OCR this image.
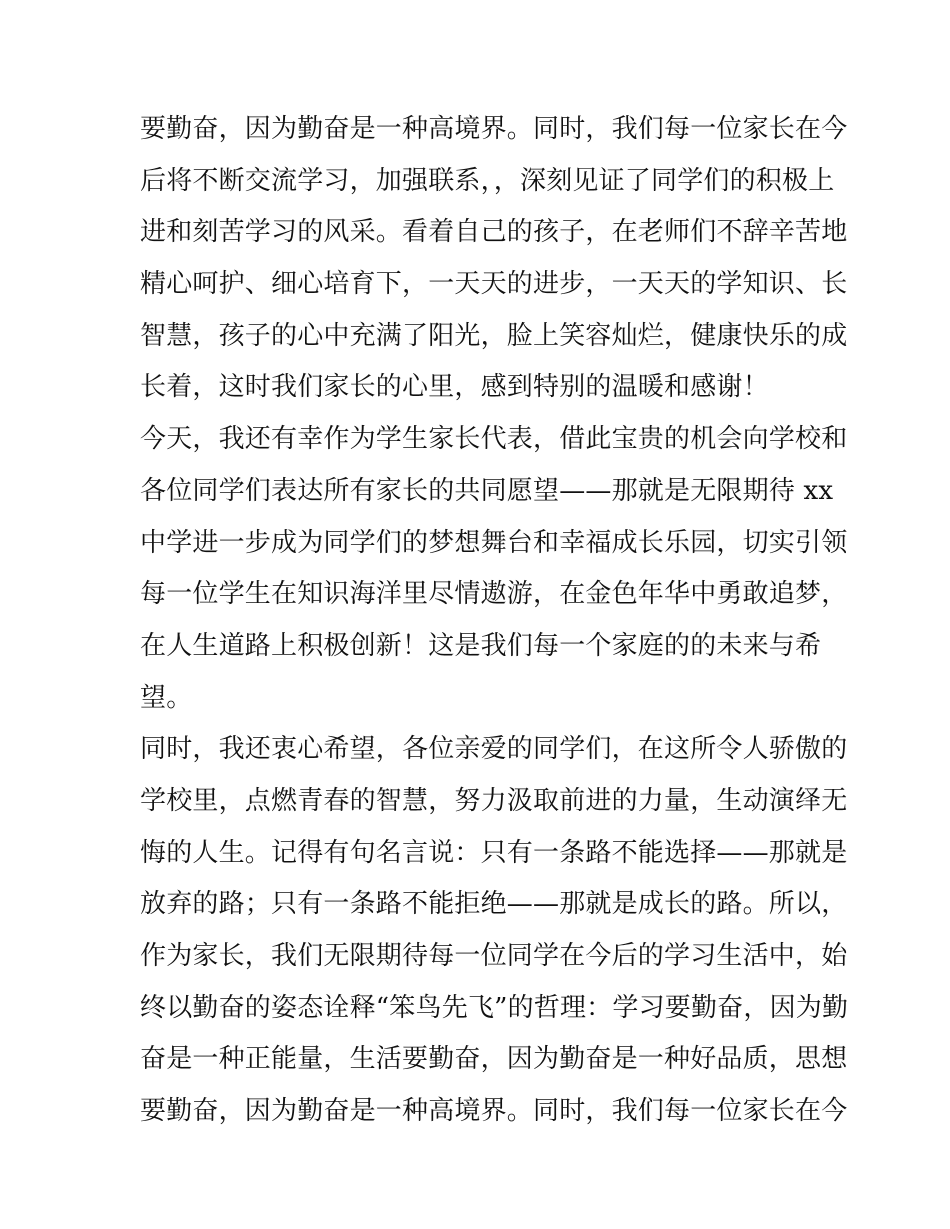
要勤奋，因为勤奋是一种高境界。同时，我们每一位家长在今
后将不断交流学习，加强联系，，深刻见证了同学们的积极上
进和刻苦学习的风采。看着自己的孩子，在老师们不辞辛苦地
精心呵护、细心培育下，一天天的进步，一天天的学知识、长
智慧，孩子的心中充满了阳光，脸上笑容灿烂，健康快乐的成
长着，这时我们家长的心里，感到特别的温暖和感谢！
今天，我还有幸作为学生家长代表，借此宝贵的机会向学校和
各位同学们表达所有家长的共同愿望——那就是无限期待 xx
中学进一步成为同学们的梦想舞台和幸福成长乐园，切实引领
每一位学生在知识海洋里尽情遨游，在金色年华中勇敢追梦，
在人生道路上积极创新！这是我们每一个家庭的的未来与希
望。
同时，我还衷心希望，各位亲爱的同学们，在这所令人骄傲的
学校里，点燃青春的智慧，努力汲取前进的力量，生动演绎无
悔的人生。记得有句名言说：只有一条路不能选择——那就是
放弃的路；只有一条路不能拒绝——那就是成长的路。所以，
作为家长，我们无限期待每一位同学在今后的学习生活中，始
终以勤奋的姿态诠释“笨鸟先飞”的哲理：学习要勤奋，因为勤
奋是一种正能量，生活要勤奋，因为勤奋是一种好品质，思想
要勤奋，因为勤奋是一种高境界。同时，我们每一位家长在今
